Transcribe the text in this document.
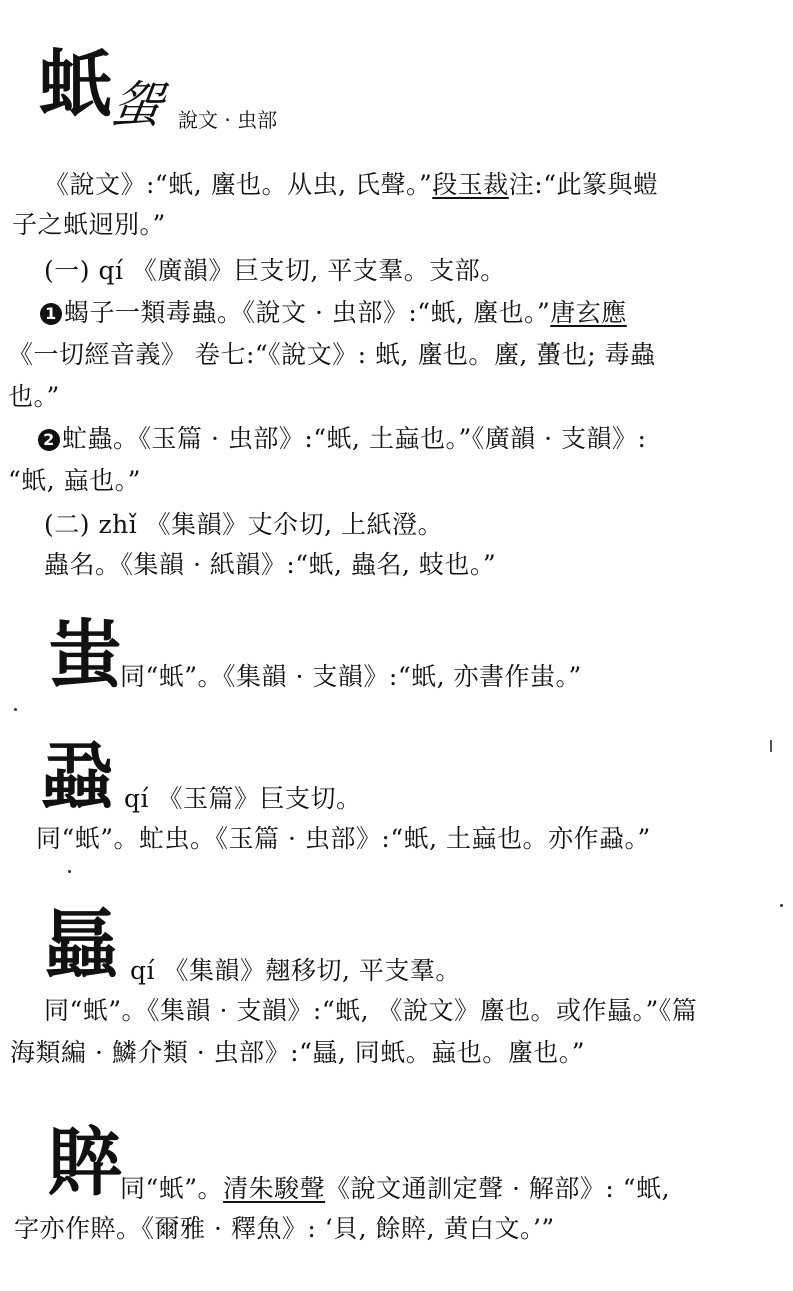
蚔
䖤 說文 · 虫部
《說文》:“蚔, 螷也。从虫, 氏聲。”段玉裁注:“此篆與螘
子之蚔迥別。”
(一) qí 《廣韻》巨支切, 平支羣。支部。
1 蝎子一類毒蟲。《說文 · 虫部》:“蚔, 螷也。”唐玄應
《一切經音義》 卷七:“《說文》: 蚔, 螷也。螷, 蠆也; 毒蟲
也。”
2 虻蟲。《玉篇 · 虫部》:“蚔, 土蝱也。”《廣韻 · 支韻》:
“蚔, 蝱也。”
(二) zhǐ 《集韻》丈尒切, 上紙澄。
蟲名。《集韻 · 紙韻》:“蚔, 蟲名, 蚑也。”
蚩
同“蚔”。《集韻 · 支韻》:“蚔, 亦書作蚩。”
蝨 qí 《玉篇》巨支切。
同“蚔”。虻虫。《玉篇 · 虫部》:“蚔, 土蝱也。亦作蝨。”
螶 qí 《集韻》翹移切, 平支羣。
同“蚔”。《集韻 · 支韻》:“蚔, 《說文》螷也。或作螶。”《篇
海類編 · 鱗介類 · 虫部》:“螶, 同蚔。蝱也。螷也。”
賥
同“蚔”。清朱駿聲《說文通訓定聲 · 解部》: “蚔,
字亦作賥。《爾雅 · 釋魚》: ‘貝, 餘賥, 黄白文。’”
